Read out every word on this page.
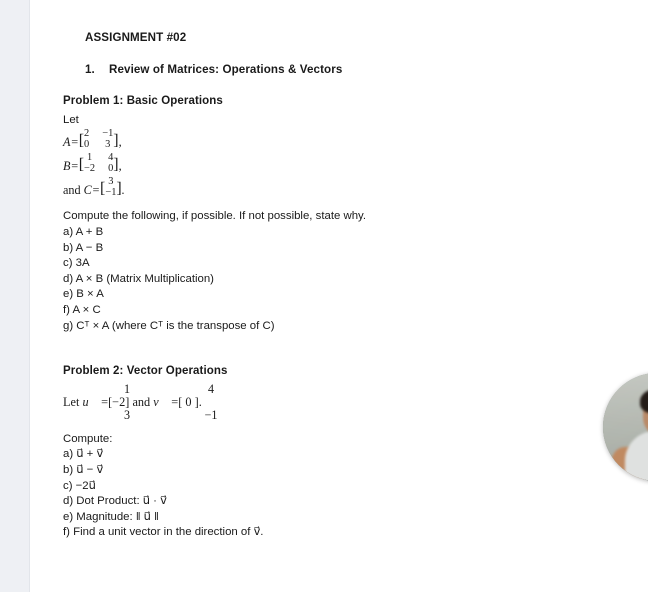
ASSIGNMENT #02
1. Review of Matrices: Operations & Vectors
Problem 1: Basic Operations
Let
A=[ 2
0
−1
3 ],
B=[ 1
−2
4
0 ],
and C=[ 3
−1 ].
Compute the following, if possible. If not possible, state why.
a) A + B
b) A − B
c) 3A
d) A × B (Matrix Multiplication)
e) B × A
f) A × C
g) Cᵀ × A (where Cᵀ is the transpose of C)
Problem 2: Vector Operations
1
3
4
−1
Let u⃗ =[−2] and v⃗ =[ 0 ].
Compute:
a) u⃗ + v⃗
b) u⃗ − v⃗
c) −2u⃗
d) Dot Product: u⃗ · v⃗
e) Magnitude: ‖ u⃗ ‖
f) Find a unit vector in the direction of v⃗.
